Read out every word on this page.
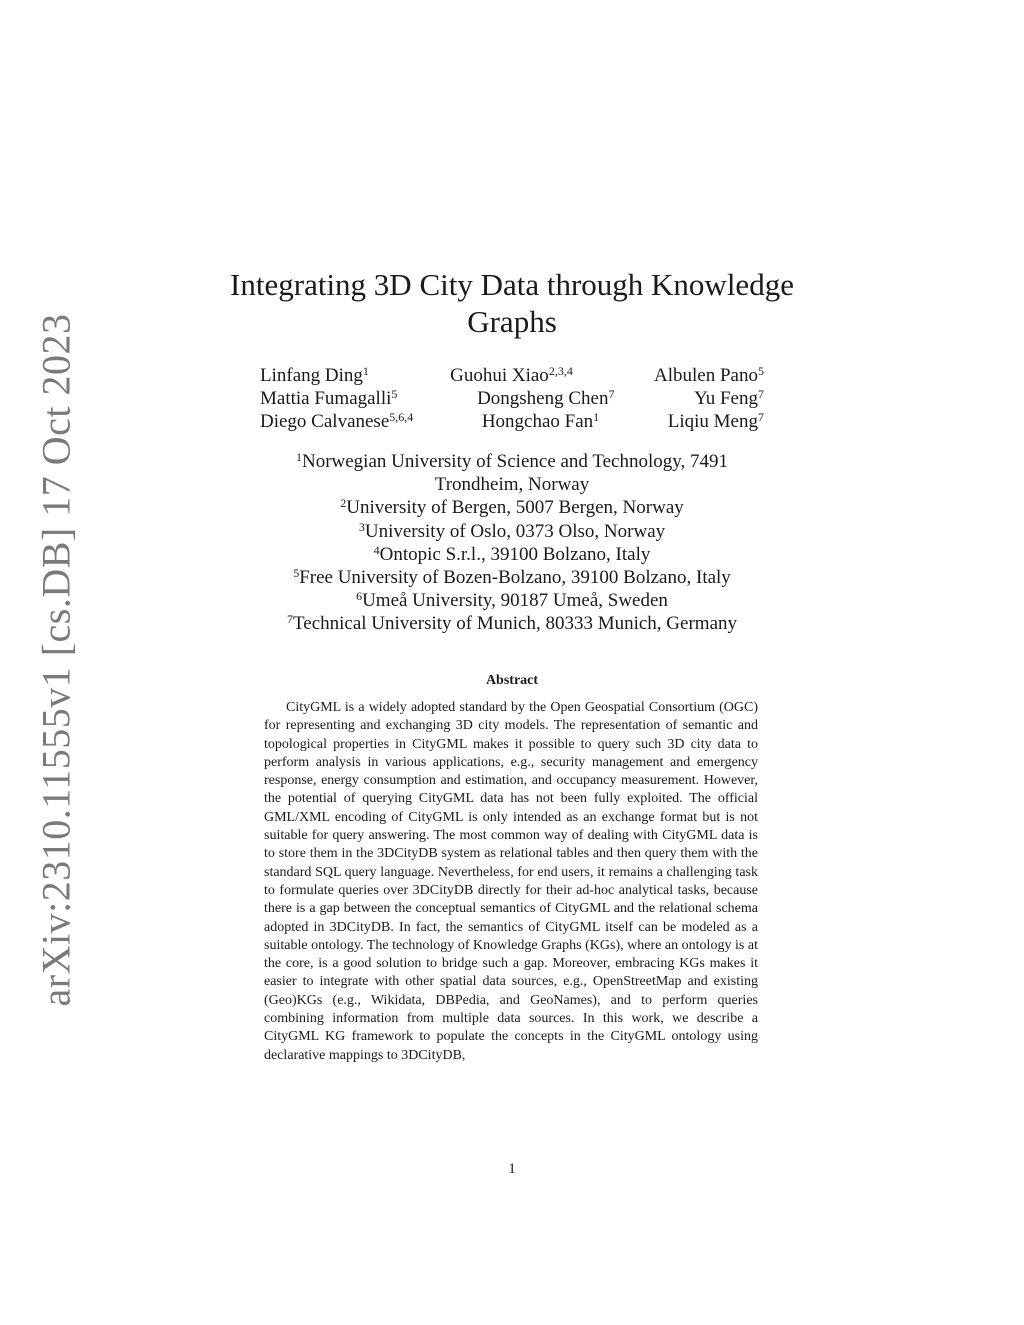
arXiv:2310.11555v1 [cs.DB] 17 Oct 2023
Integrating 3D City Data through Knowledge Graphs
Linfang Ding$^1$	Guohui Xiao$^{2,3,4}$	Albulen Pano$^5$
Mattia Fumagalli$^5$	Dongsheng Chen$^7$	Yu Feng$^7$
Diego Calvanese$^{5,6,4}$	Hongchao Fan$^1$	Liqiu Meng$^7$
$^1$Norwegian University of Science and Technology, 7491
Trondheim, Norway
$^2$University of Bergen, 5007 Bergen, Norway
$^3$University of Oslo, 0373 Olso, Norway
$^4$Ontopic S.r.l., 39100 Bolzano, Italy
$^5$Free University of Bozen-Bolzano, 39100 Bolzano, Italy
$^6$Umeå University, 90187 Umeå, Sweden
$^7$Technical University of Munich, 80333 Munich, Germany
Abstract

CityGML is a widely adopted standard by the Open Geospatial Consortium (OGC) for representing and exchanging 3D city models. The representation of semantic and topological properties in CityGML makes it possible to query such 3D city data to perform analysis in various applications, e.g., security management and emergency response, energy consumption and estimation, and occupancy measurement. However, the potential of querying CityGML data has not been fully exploited. The official GML/XML encoding of CityGML is only intended as an exchange format but is not suitable for query answering. The most common way of dealing with CityGML data is to store them in the 3DCityDB system as relational tables and then query them with the standard SQL query language. Nevertheless, for end users, it remains a challenging task to formulate queries over 3DCityDB directly for their ad-hoc analytical tasks, because there is a gap between the conceptual semantics of CityGML and the relational schema adopted in 3DCityDB. In fact, the semantics of CityGML itself can be modeled as a suitable ontology. The technology of Knowledge Graphs (KGs), where an ontology is at the core, is a good solution to bridge such a gap. Moreover, embracing KGs makes it easier to integrate with other spatial data sources, e.g., OpenStreetMap and existing (Geo)KGs (e.g., Wikidata, DBPedia, and GeoNames), and to perform queries combining information from multiple data sources. In this work, we describe a CityGML KG framework to populate the concepts in the CityGML ontology using declarative mappings to 3DCityDB,

1
